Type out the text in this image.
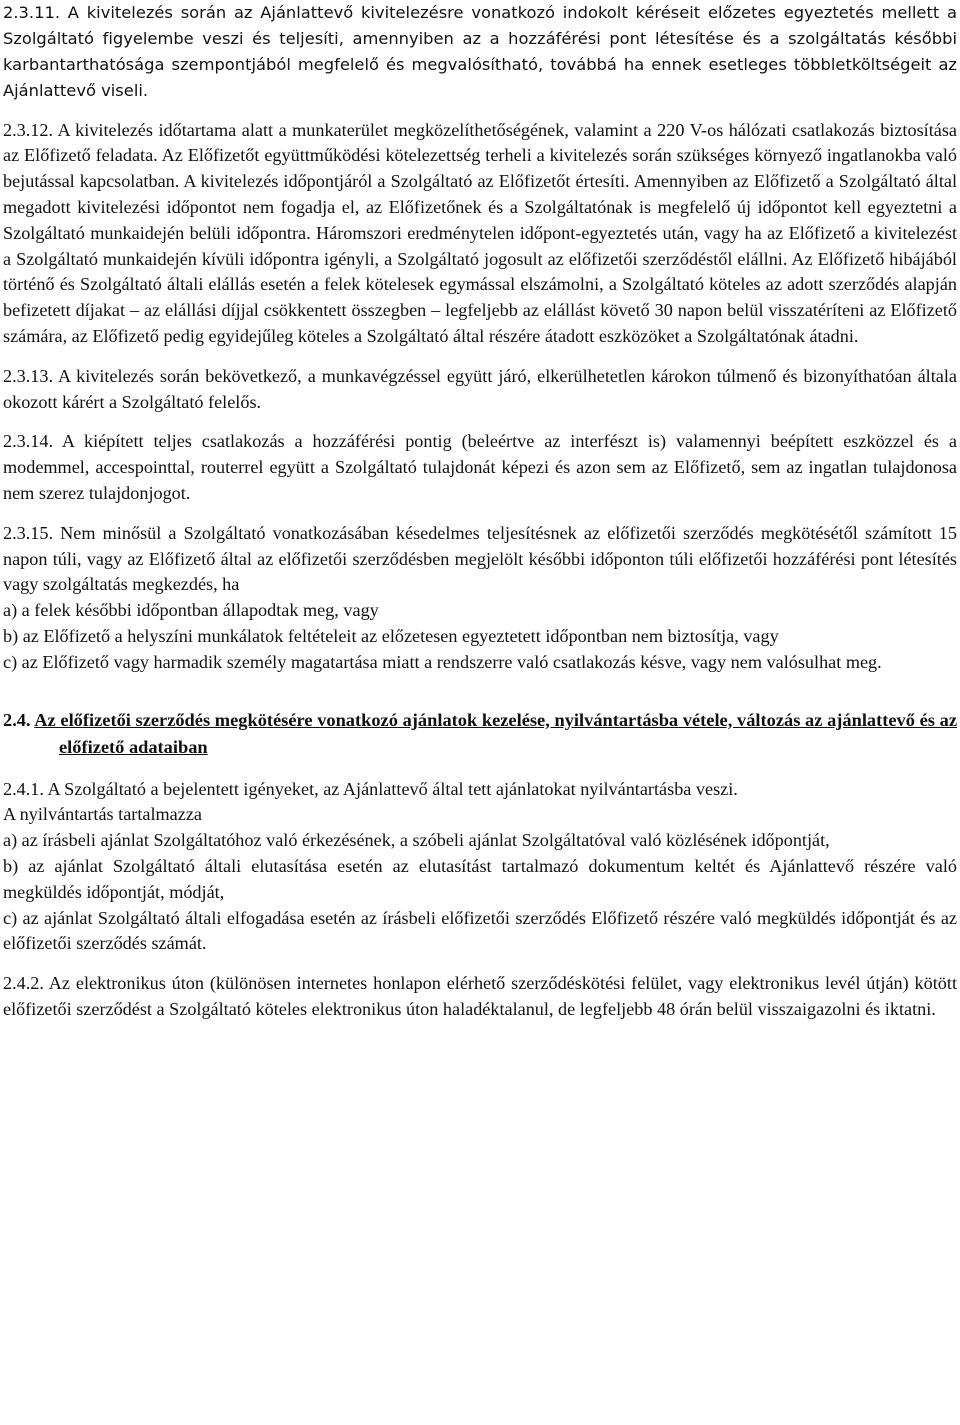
2.3.11. A kivitelezés során az Ajánlattevő kivitelezésre vonatkozó indokolt kéréseit előzetes egyeztetés mellett a Szolgáltató figyelembe veszi és teljesíti, amennyiben az a hozzáférési pont létesítése és a szolgáltatás későbbi karbantarthatósága szempontjából megfelelő és megvalósítható, továbbá ha ennek esetleges többletköltségeit az Ajánlattevő viseli.

2.3.12. A kivitelezés időtartama alatt a munkaterület megközelíthetőségének, valamint a 220 V-os hálózati csatlakozás biztosítása az Előfizető feladata. Az Előfizetőt együttműködési kötelezettség terheli a kivitelezés során szükséges környező ingatlanokba való bejutással kapcsolatban. A kivitelezés időpontjáról a Szolgáltató az Előfizetőt értesíti. Amennyiben az Előfizető a Szolgáltató által megadott kivitelezési időpontot nem fogadja el, az Előfizetőnek és a Szolgáltatónak is megfelelő új időpontot kell egyeztetni a Szolgáltató munkaidején belüli időpontra. Háromszori eredménytelen időpont-egyeztetés után, vagy ha az Előfizető a kivitelezést a Szolgáltató munkaidején kívüli időpontra igényli, a Szolgáltató jogosult az előfizetői szerződéstől elállni. Az Előfizető hibájából történő és Szolgáltató általi elállás esetén a felek kötelesek egymással elszámolni, a Szolgáltató köteles az adott szerződés alapján befizetett díjakat – az elállási díjjal csökkentett összegben – legfeljebb az elállást követő 30 napon belül visszatéríteni az Előfizető számára, az Előfizető pedig egyidejűleg köteles a Szolgáltató által részére átadott eszközöket a Szolgáltatónak átadni.

2.3.13. A kivitelezés során bekövetkező, a munkavégzéssel együtt járó, elkerülhetetlen károkon túlmenő és bizonyíthatóan általa okozott kárért a Szolgáltató felelős.

2.3.14. A kiépített teljes csatlakozás a hozzáférési pontig (beleértve az interfészt is) valamennyi beépített eszközzel és a modemmel, accespointtal, routerrel együtt a Szolgáltató tulajdonát képezi és azon sem az Előfizető, sem az ingatlan tulajdonosa nem szerez tulajdonjogot.

2.3.15. Nem minősül a Szolgáltató vonatkozásában késedelmes teljesítésnek az előfizetői szerződés megkötésétől számított 15 napon túli, vagy az Előfizető által az előfizetői szerződésben megjelölt későbbi időponton túli előfizetői hozzáférési pont létesítés vagy szolgáltatás megkezdés, ha

a) a felek későbbi időpontban állapodtak meg, vagy

b) az Előfizető a helyszíni munkálatok feltételeit az előzetesen egyeztetett időpontban nem biztosítja, vagy

c) az Előfizető vagy harmadik személy magatartása miatt a rendszerre való csatlakozás késve, vagy nem valósulhat meg.

2.4. Az előfizetői szerződés megkötésére vonatkozó ajánlatok kezelése, nyilvántartásba vétele, változás az ajánlattevő és az előfizető adataiban

2.4.1. A Szolgáltató a bejelentett igényeket, az Ajánlattevő által tett ajánlatokat nyilvántartásba veszi.

A nyilvántartás tartalmazza

a) az írásbeli ajánlat Szolgáltatóhoz való érkezésének, a szóbeli ajánlat Szolgáltatóval való közlésének időpontját,

b) az ajánlat Szolgáltató általi elutasítása esetén az elutasítást tartalmazó dokumentum keltét és Ajánlattevő részére való megküldés időpontját, módját,

c) az ajánlat Szolgáltató általi elfogadása esetén az írásbeli előfizetői szerződés Előfizető részére való megküldés időpontját és az előfizetői szerződés számát.

2.4.2. Az elektronikus úton (különösen internetes honlapon elérhető szerződéskötési felület, vagy elektronikus levél útján) kötött előfizetői szerződést a Szolgáltató köteles elektronikus úton haladéktalanul, de legfeljebb 48 órán belül visszaigazolni és iktatni.
